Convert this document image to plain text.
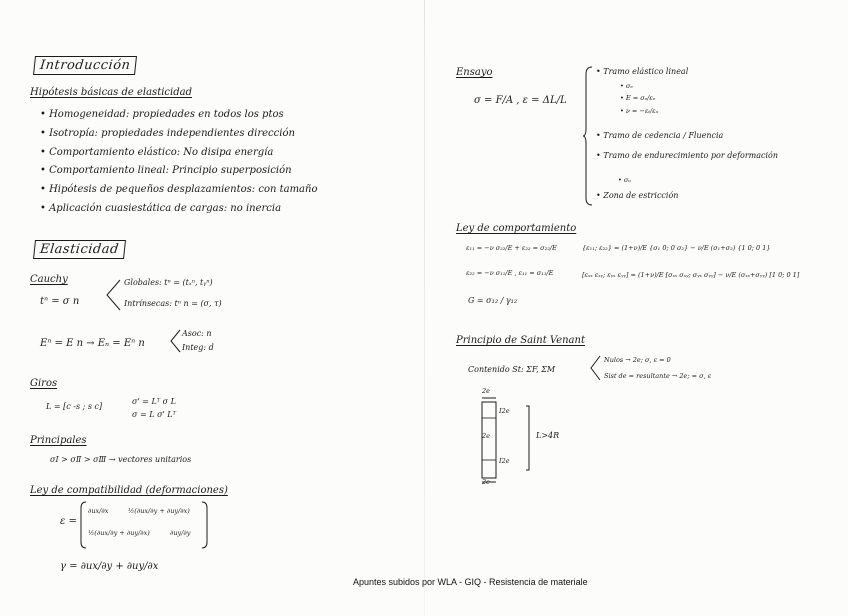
Introducción
Hipótesis básicas de elasticidad
• Homogeneidad: propiedades en todos los ptos
• Isotropía: propiedades independientes dirección
• Comportamiento elástico: No disipa energía
• Comportamiento lineal: Principio superposición
• Hipótesis de pequeños desplazamientos: con tamaño
• Aplicación cuasiestática de cargas: no inercia
Elasticidad
Cauchy
tⁿ = σ n
Globales: tⁿ = (tₓⁿ, tᵧⁿ)
Intrínsecas: tⁿ n = (σ, τ)
Eⁿ = E n → Eₙ = Eⁿ n
Asoc: n
Integ: d
Giros
L = [c -s ; s c]
σ' = Lᵀ σ L
σ = L σ' Lᵀ
Principales
σⅠ > σⅡ > σⅢ → vectores unitarios
Ley de compatibilidad (deformaciones)
ε =
∂ux/∂x	½(∂ux/∂y + ∂uy/∂x)
½(∂ux/∂y + ∂uy/∂x)	∂uy/∂y
γ = ∂ux/∂y + ∂uy/∂x
Ensayo
σ = F/A , ε = ΔL/L
• Tramo elástico lineal
• σₑ
• E = σₑ/εₑ
• ν = −εₜ/εₐ
• Tramo de cedencia / Fluencia
• Tramo de endurecimiento por deformación
• σᵤ
• Zona de estricción
Ley de comportamiento
ε₁₁ = −ν σ₂₂/E + ε₂₂ = σ₂₂/E	{ε₁₁; ε₂₂} = (1+ν)/E {σ₁ 0; 0 σ₂} − ν/E (σ₁+σ₂) {1 0; 0 1}
ε₂₂ = −ν σ₁₁/E , ε₁₁ = σ₁₁/E	[εₓₓ εₓᵧ; εᵧₓ εᵧᵧ] = (1+ν)/E [σₓₓ σₓᵧ; σᵧₓ σᵧᵧ] − ν/E (σₓₓ+σᵧᵧ) [1 0; 0 1]
G = σ₁₂ / γ₁₂
Principio de Saint Venant
Contenido St: ΣF, ΣM
Nulos → 2e; σ, ε = 0
Sist de = resultante → 2e; = σ, ε
2e
I2e
2e
I2e
2e
L>4R
Apuntes subidos por WLA - GIQ - Resistencia de materiale
